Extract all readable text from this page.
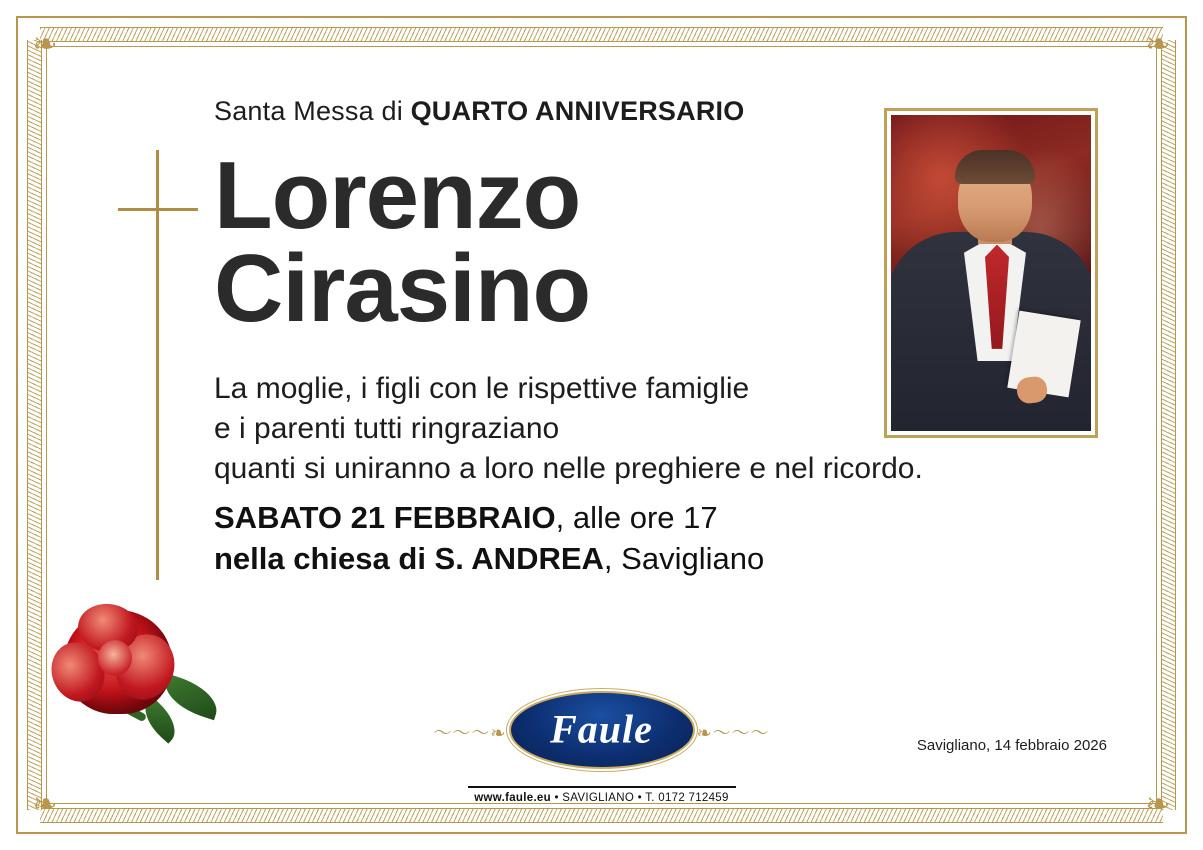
❧	❧
❧	❧
Santa Messa di QUARTO ANNIVERSARIO
Lorenzo
Cirasino
La moglie, i figli con le rispettive famiglie
e i parenti tutti ringraziano
quanti si uniranno a loro nelle preghiere e nel ricordo.
SABATO 21 FEBBRAIO, alle ore 17
nella chiesa di S. ANDREA, Savigliano
〜〜〜❧	❧〜〜〜
Faule
www.faule.eu • SAVIGLIANO • T. 0172 712459
Savigliano, 14 febbraio 2026
